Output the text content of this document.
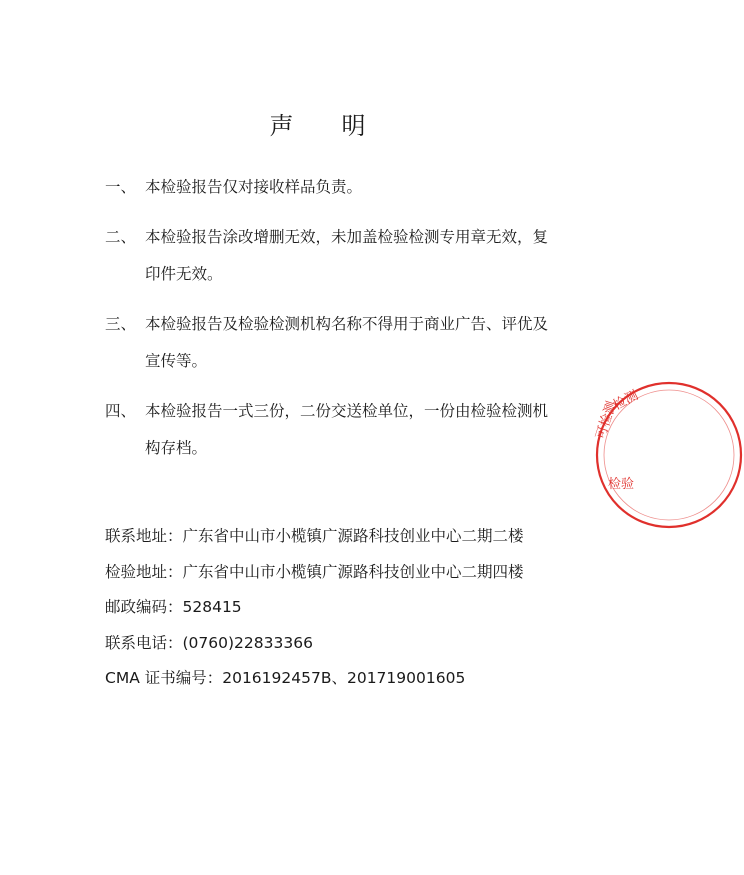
声　　明
一、 本检验报告仅对接收样品负责。
二、 本检验报告涂改增删无效，未加盖检验检测专用章无效，复印件无效。
三、 本检验报告及检验检测机构名称不得用于商业广告、评优及宣传等。
四、 本检验报告一式三份，二份交送检单位，一份由检验检测机构存档。
联系地址：广东省中山市小榄镇广源路科技创业中心二期二楼
检验地址：广东省中山市小榄镇广源路科技创业中心二期四楼
邮政编码：528415
联系电话：(0760)22833366
CMA 证书编号：2016192457B、201719001605
检测
可检测
检验
